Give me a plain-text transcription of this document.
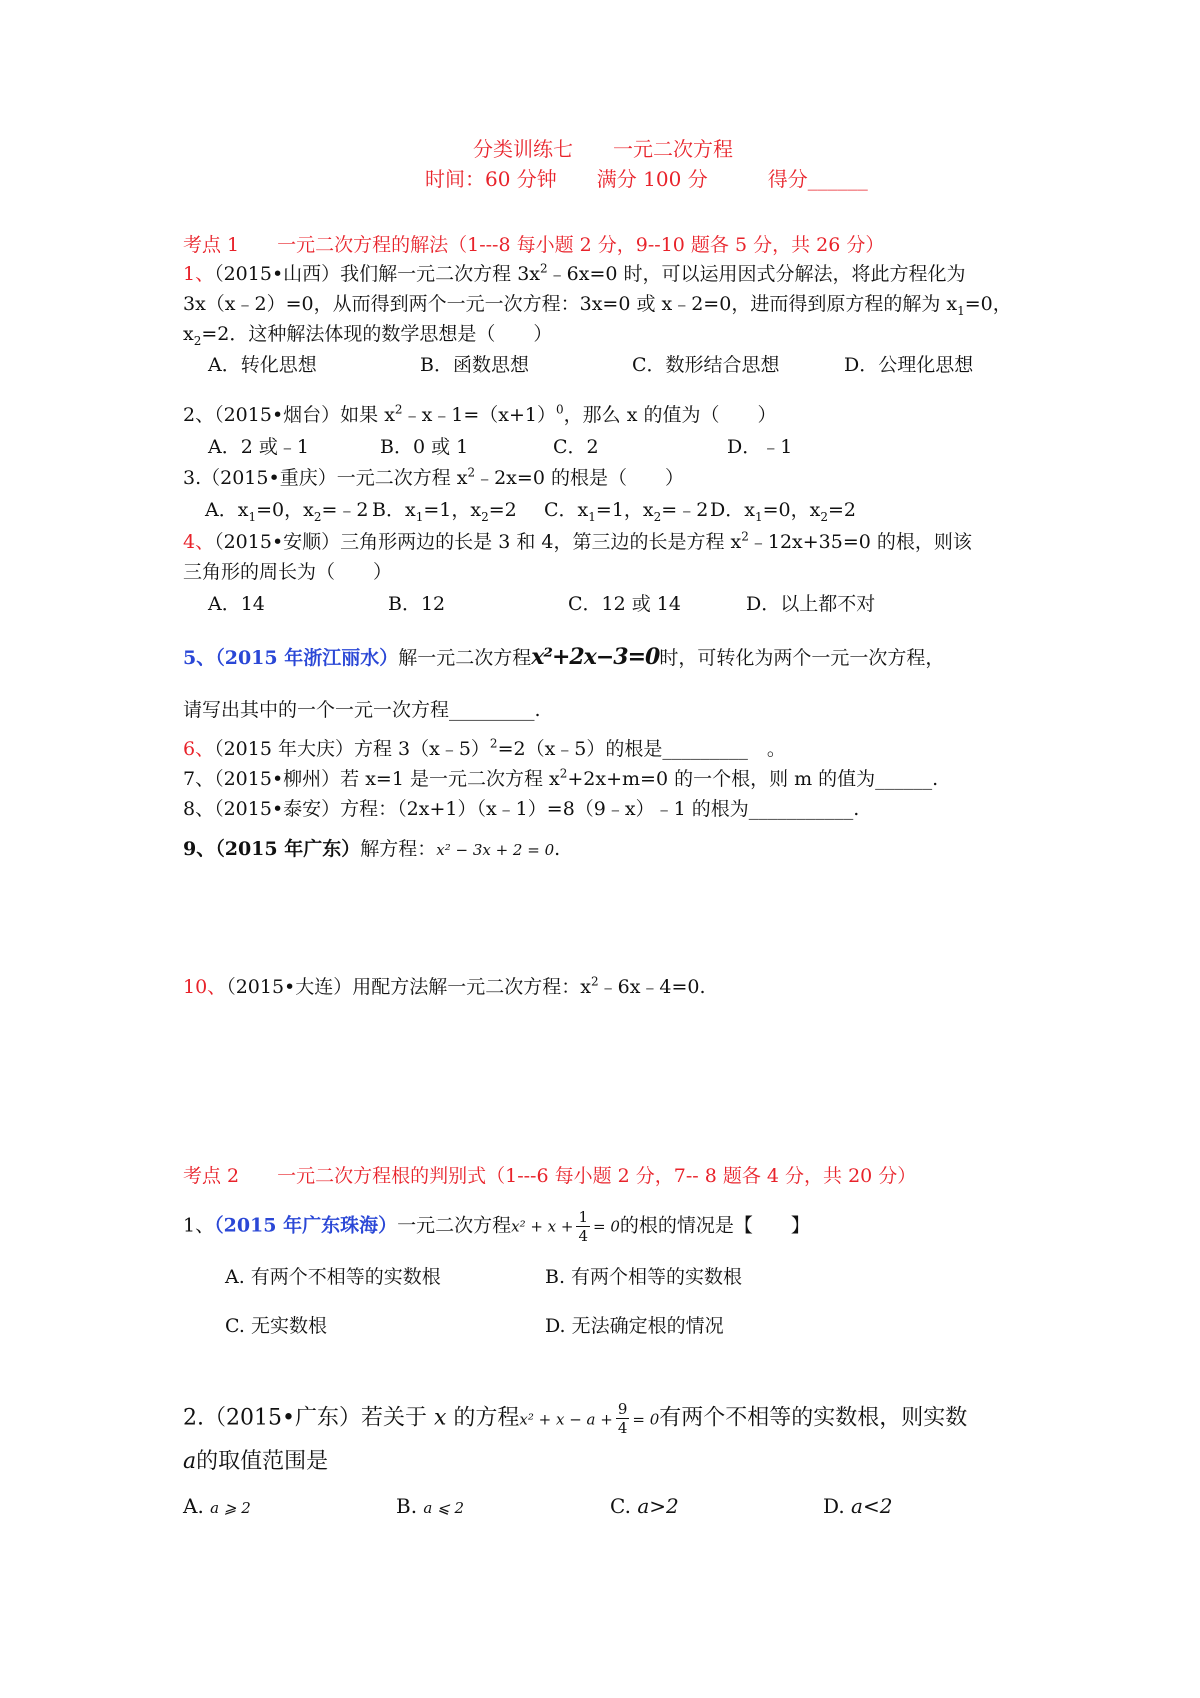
分类训练七　　一元二次方程
时间：60 分钟　　满分 100 分　　　得分______
考点 1　　一元二次方程的解法（1---8 每小题 2 分，9--10 题各 5 分，共 26 分）
1、（2015•山西）我们解一元二次方程 $3x^2﹣6x=0$ 时，可以运用因式分解法，将此方程化为
3x（x﹣2）=0，从而得到两个一元一次方程：3x=0 或 x﹣2=0，进而得到原方程的解为 $x_1=0$，
$x_2=2$．这种解法体现的数学思想是（　　）
A．转化思想	B．函数思想	C．数形结合思想	D．公理化思想
2、（2015•烟台）如果 $x^2﹣x﹣1=(x+1)^0$，那么 x 的值为（　　）
A．2 或﹣1	B．0 或 1	C．2	D．﹣1
3.（2015•重庆）一元二次方程 $x^2﹣2x=0$ 的根是（　　）
A．$x_1=0$，$x_2=﹣2$ B．$x_1=1$，$x_2=2$ C．$x_1=1$，$x_2=﹣2$ D．$x_1=0$，$x_2=2$
4、（2015•安顺）三角形两边的长是 3 和 4，第三边的长是方程 $x^2﹣12x+35=0$ 的根，则该
三角形的周长为（　　）
A．14	B．12	C．12 或 14	D．以上都不对
5、（2015 年浙江丽水）解一元二次方程x²+2x−3=0时，可转化为两个一元一次方程，
请写出其中的一个一元一次方程_________.
6、（2015 年大庆）方程 3（x﹣5）$^2$=2（x﹣5）的根是_________　。
7、（2015•柳州）若 x=1 是一元二次方程 $x^2+2x+m=0$ 的一个根，则 m 的值为______.
8、（2015•泰安）方程：（2x+1）（x﹣1）=8（9﹣x）﹣1 的根为___________.
9、（2015 年广东）解方程：x² − 3x + 2 = 0.
10、（2015•大连）用配方法解一元二次方程：$x^2﹣6x﹣4=0$.
考点 2　　一元二次方程根的判别式（1---6 每小题 2 分，7-- 8 题各 4 分，共 20 分）
1、（2015 年广东珠海）一元二次方程$x^2 + x + \frac{1}{4} = 0$的根的情况是【　　】
A. 有两个不相等的实数根	B. 有两个相等的实数根
C. 无实数根	D. 无法确定根的情况
2.（2015•广东）若关于 x 的方程$x^2 + x - a + \frac{9}{4} = 0$有两个不相等的实数根，则实数
a的取值范围是
A. a ⩾ 2	B. a ⩽ 2	C. a>2	D. a<2
